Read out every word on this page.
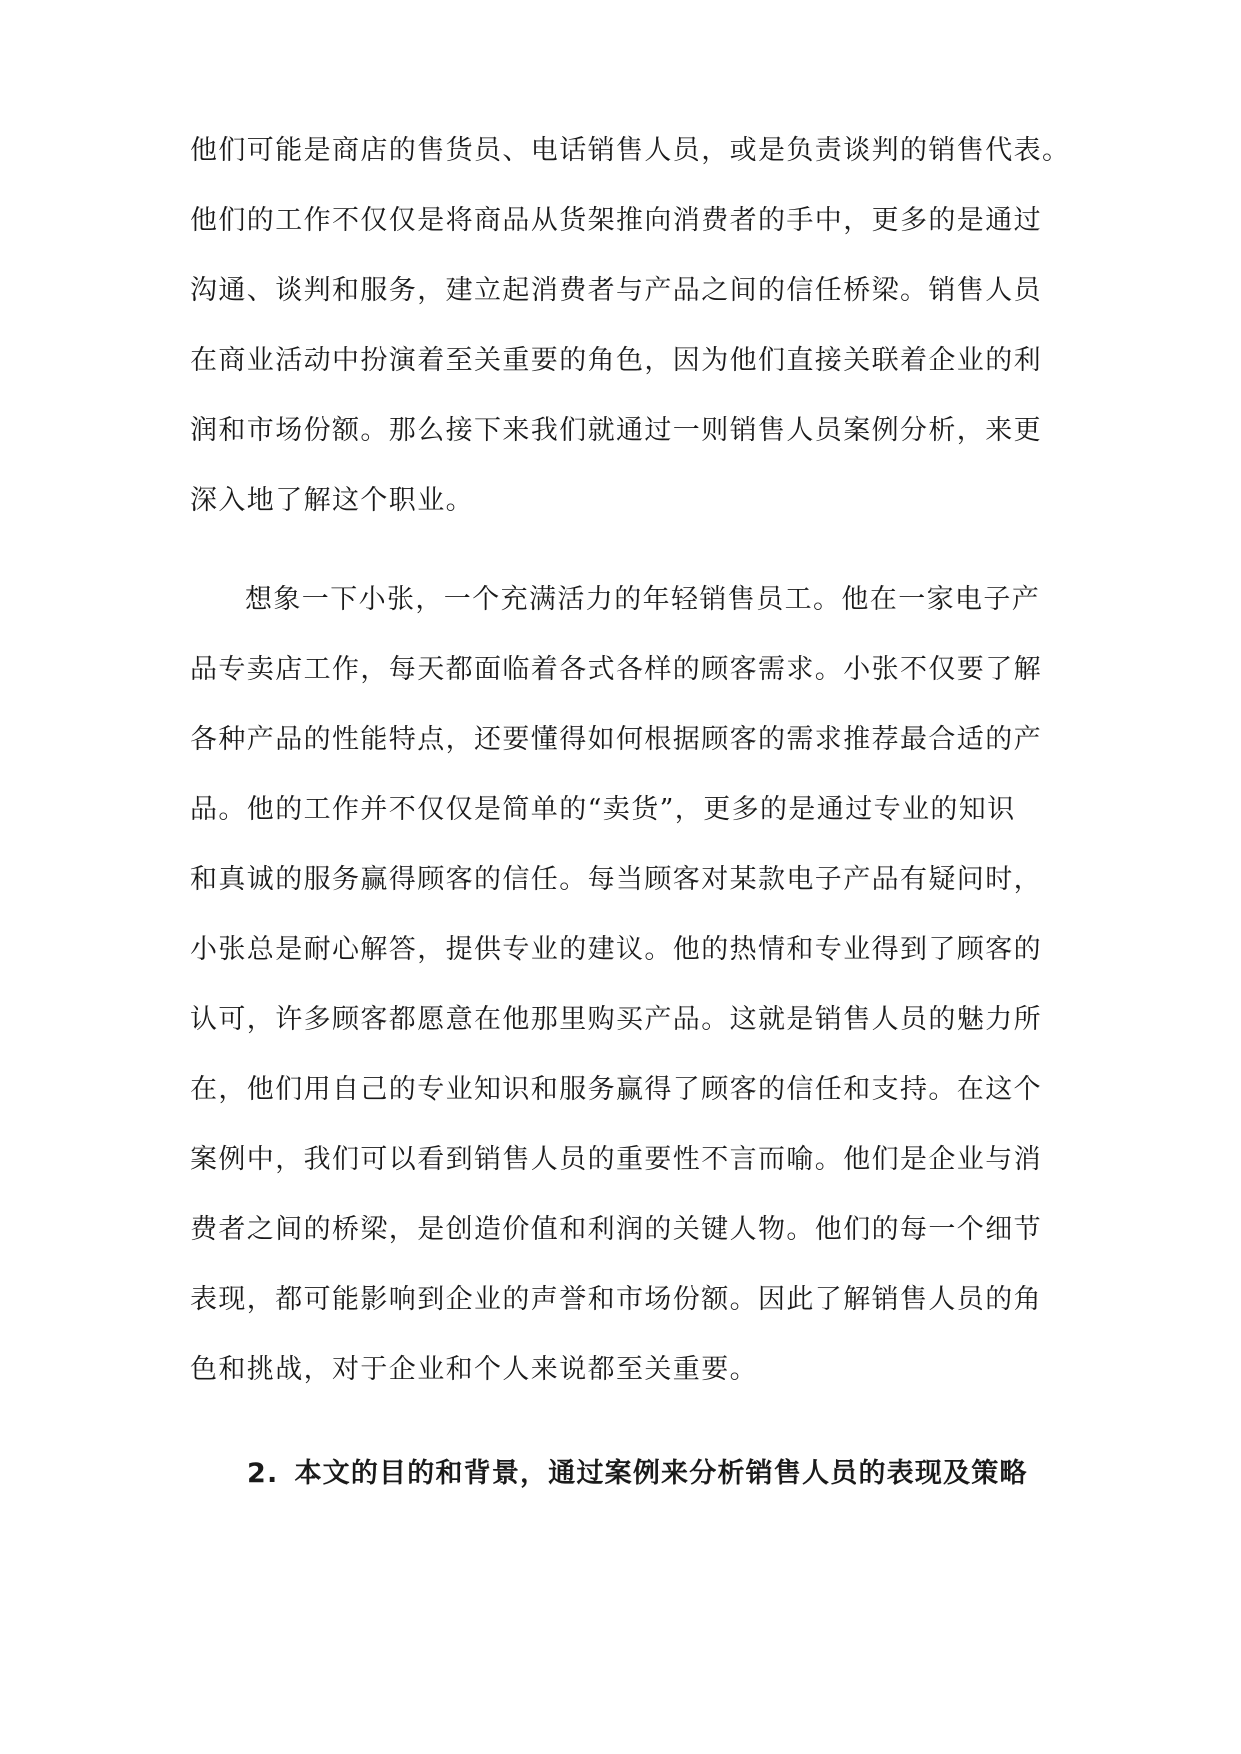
他们可能是商店的售货员、电话销售人员，或是负责谈判的销售代表。
他们的工作不仅仅是将商品从货架推向消费者的手中，更多的是通过
沟通、谈判和服务，建立起消费者与产品之间的信任桥梁。销售人员
在商业活动中扮演着至关重要的角色，因为他们直接关联着企业的利
润和市场份额。那么接下来我们就通过一则销售人员案例分析，来更
深入地了解这个职业。
想象一下小张，一个充满活力的年轻销售员工。他在一家电子产
品专卖店工作，每天都面临着各式各样的顾客需求。小张不仅要了解
各种产品的性能特点，还要懂得如何根据顾客的需求推荐最合适的产
品。他的工作并不仅仅是简单的“卖货”，更多的是通过专业的知识
和真诚的服务赢得顾客的信任。每当顾客对某款电子产品有疑问时，
小张总是耐心解答，提供专业的建议。他的热情和专业得到了顾客的
认可，许多顾客都愿意在他那里购买产品。这就是销售人员的魅力所
在，他们用自己的专业知识和服务赢得了顾客的信任和支持。在这个
案例中，我们可以看到销售人员的重要性不言而喻。他们是企业与消
费者之间的桥梁，是创造价值和利润的关键人物。他们的每一个细节
表现，都可能影响到企业的声誉和市场份额。因此了解销售人员的角
色和挑战，对于企业和个人来说都至关重要。
2. 本文的目的和背景，通过案例来分析销售人员的表现及策略
